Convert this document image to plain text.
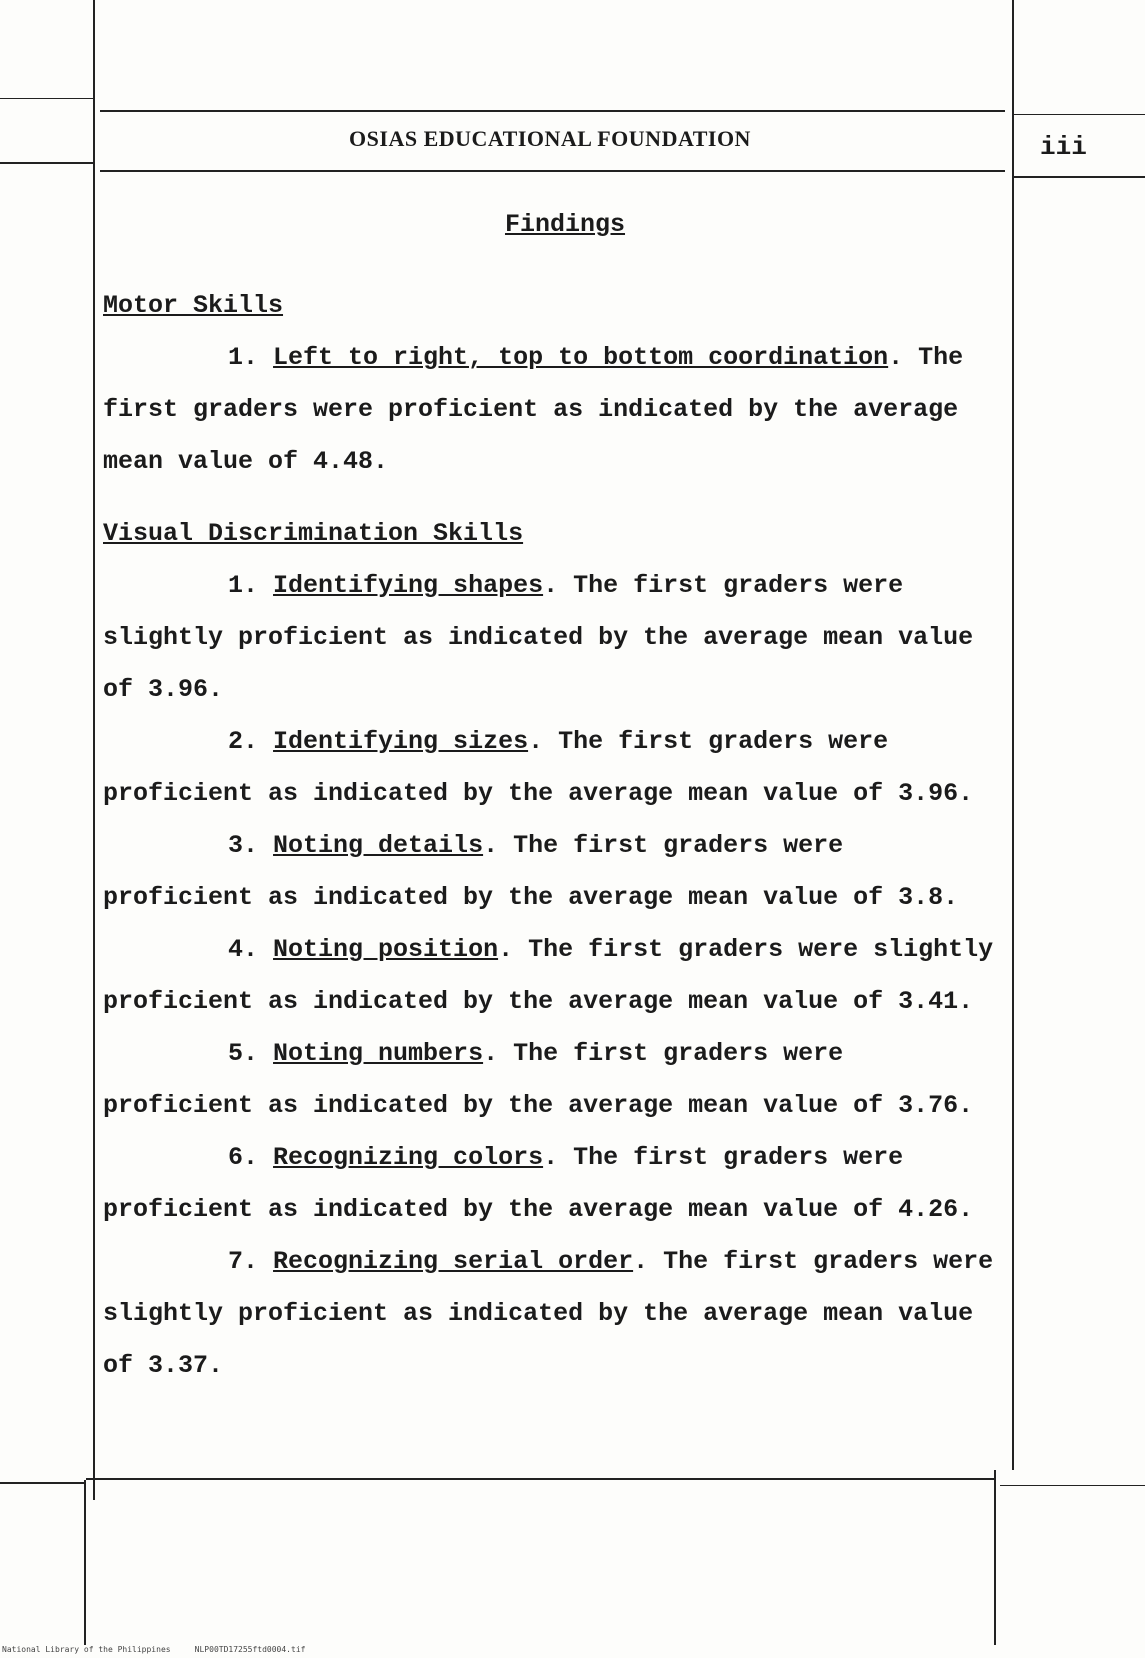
OSIAS EDUCATIONAL FOUNDATION	iii
Findings
Motor Skills
1. Left to right, top to bottom coordination. The first graders were proficient as indicated by the average mean value of 4.48.
Visual Discrimination Skills
1. Identifying shapes. The first graders were slightly proficient as indicated by the average mean value of 3.96.
2. Identifying sizes. The first graders were proficient as indicated by the average mean value of 3.96.
3. Noting details. The first graders were proficient as indicated by the average mean value of 3.8.
4. Noting position. The first graders were slightly proficient as indicated by the average mean value of 3.41.
5. Noting numbers. The first graders were proficient as indicated by the average mean value of 3.76.
6. Recognizing colors. The first graders were proficient as indicated by the average mean value of 4.26.
7. Recognizing serial order. The first graders were slightly proficient as indicated by the average mean value of 3.37.
National Library of the Philippines	NLP00TD17255ftd0004.tif
